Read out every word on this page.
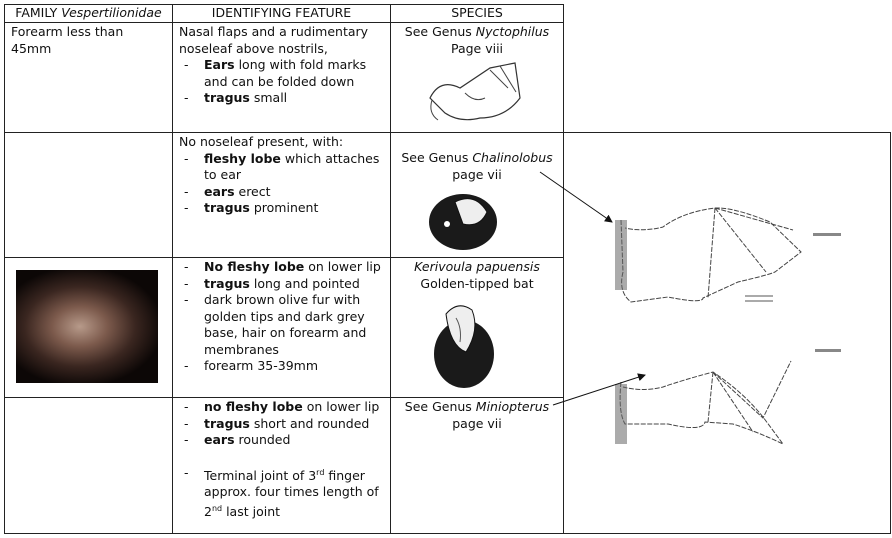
FAMILY Vespertilionidae	IDENTIFYING FEATURE	SPECIES
Forearm less than 45mm
Nasal flaps and a rudimentary noseleaf above nostrils,
- Ears long with fold marks and can be folded down
- tragus small
See Genus Nyctophilus
Page viii
No noseleaf present, with:
- fleshy lobe which attaches to ear
- ears erect
- tragus prominent
See Genus Chalinolobus
page vii
- No fleshy lobe on lower lip
- tragus long and pointed
- dark brown olive fur with golden tips and dark grey base, hair on forearm and membranes
- forearm 35-39mm
Kerivoula papuensis
Golden-tipped bat
- no fleshy lobe on lower lip
- tragus short and rounded
- ears rounded
- Terminal joint of 3rd finger approx. four times length of 2nd last joint
See Genus Miniopterus
page vii
